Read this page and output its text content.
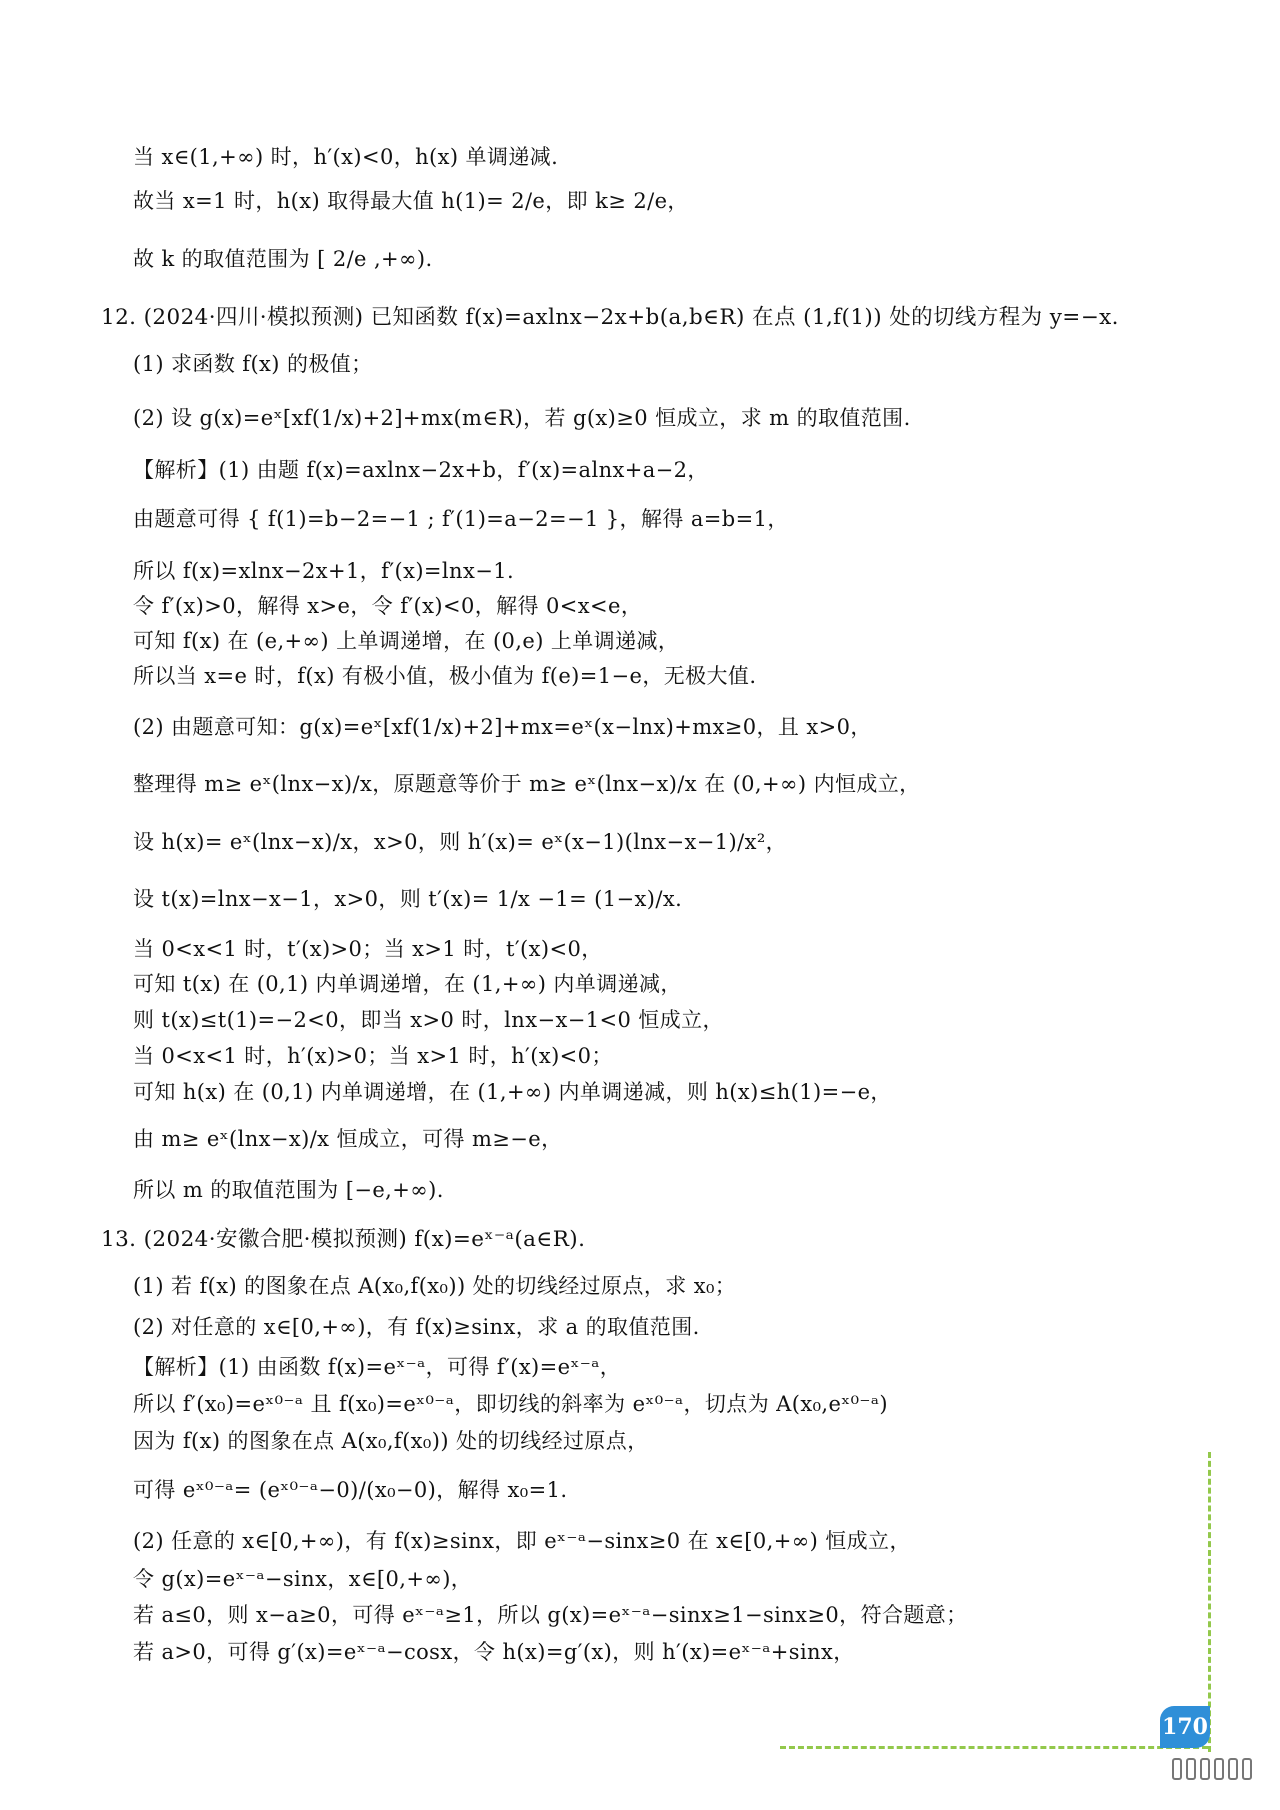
当 x∈(1,+∞) 时，h′(x)<0，h(x) 单调递减.
故当 x=1 时，h(x) 取得最大值 h(1)= 2/e，即 k≥ 2/e，
故 k 的取值范围为 [ 2/e ,+∞).
12. (2024·四川·模拟预测) 已知函数 f(x)=axlnx−2x+b(a,b∈R) 在点 (1,f(1)) 处的切线方程为 y=−x.
(1) 求函数 f(x) 的极值；
(2) 设 g(x)=eˣ[xf(1/x)+2]+mx(m∈R)，若 g(x)≥0 恒成立，求 m 的取值范围.
【解析】(1) 由题 f(x)=axlnx−2x+b，f′(x)=alnx+a−2，
由题意可得 { f(1)=b−2=−1 ; f′(1)=a−2=−1 }，解得 a=b=1，
所以 f(x)=xlnx−2x+1，f′(x)=lnx−1.
令 f′(x)>0，解得 x>e，令 f′(x)<0，解得 0<x<e，
可知 f(x) 在 (e,+∞) 上单调递增，在 (0,e) 上单调递减，
所以当 x=e 时，f(x) 有极小值，极小值为 f(e)=1−e，无极大值.
(2) 由题意可知：g(x)=eˣ[xf(1/x)+2]+mx=eˣ(x−lnx)+mx≥0，且 x>0，
整理得 m≥ eˣ(lnx−x)/x，原题意等价于 m≥ eˣ(lnx−x)/x 在 (0,+∞) 内恒成立，
设 h(x)= eˣ(lnx−x)/x，x>0，则 h′(x)= eˣ(x−1)(lnx−x−1)/x²，
设 t(x)=lnx−x−1，x>0，则 t′(x)= 1/x −1= (1−x)/x.
当 0<x<1 时，t′(x)>0；当 x>1 时，t′(x)<0，
可知 t(x) 在 (0,1) 内单调递增，在 (1,+∞) 内单调递减，
则 t(x)≤t(1)=−2<0，即当 x>0 时，lnx−x−1<0 恒成立，
当 0<x<1 时，h′(x)>0；当 x>1 时，h′(x)<0；
可知 h(x) 在 (0,1) 内单调递增，在 (1,+∞) 内单调递减，则 h(x)≤h(1)=−e，
由 m≥ eˣ(lnx−x)/x 恒成立，可得 m≥−e，
所以 m 的取值范围为 [−e,+∞).
13. (2024·安徽合肥·模拟预测) f(x)=eˣ⁻ᵃ(a∈R).
(1) 若 f(x) 的图象在点 A(x₀,f(x₀)) 处的切线经过原点，求 x₀；
(2) 对任意的 x∈[0,+∞)，有 f(x)≥sinx，求 a 的取值范围.
【解析】(1) 由函数 f(x)=eˣ⁻ᵃ，可得 f′(x)=eˣ⁻ᵃ，
所以 f′(x₀)=eˣ⁰⁻ᵃ 且 f(x₀)=eˣ⁰⁻ᵃ，即切线的斜率为 eˣ⁰⁻ᵃ，切点为 A(x₀,eˣ⁰⁻ᵃ)
因为 f(x) 的图象在点 A(x₀,f(x₀)) 处的切线经过原点，
可得 eˣ⁰⁻ᵃ= (eˣ⁰⁻ᵃ−0)/(x₀−0)，解得 x₀=1.
(2) 任意的 x∈[0,+∞)，有 f(x)≥sinx，即 eˣ⁻ᵃ−sinx≥0 在 x∈[0,+∞) 恒成立，
令 g(x)=eˣ⁻ᵃ−sinx，x∈[0,+∞)，
若 a≤0，则 x−a≥0，可得 eˣ⁻ᵃ≥1，所以 g(x)=eˣ⁻ᵃ−sinx≥1−sinx≥0，符合题意；
若 a>0，可得 g′(x)=eˣ⁻ᵃ−cosx，令 h(x)=g′(x)，则 h′(x)=eˣ⁻ᵃ+sinx，
170
